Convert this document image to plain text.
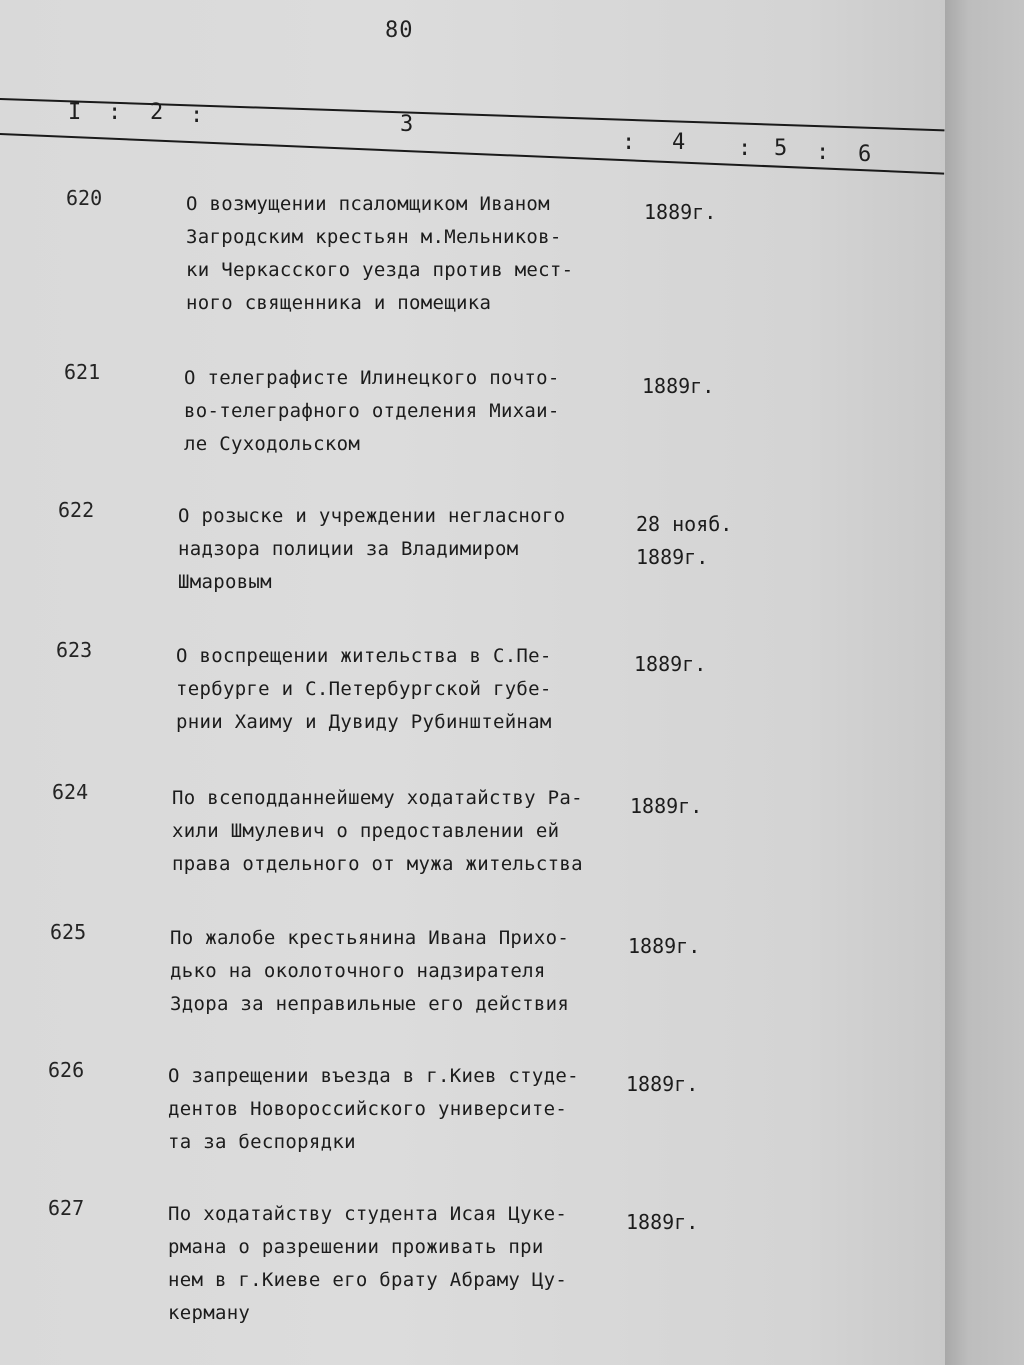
80
I : 2 :	3
: 4 : 5 : 6
620	О возмущении псаломщиком Иваном
Загродским крестьян м.Мельников-
ки Черкасского уезда против мест-
ного священника и помещика
1889г.
621	О телеграфисте Илинецкого почто-
во-телеграфного отделения Михаи-
ле Суходольском
1889г.
622	О розыске и учреждении негласного
надзора полиции за Владимиром
Шмаровым
28 нояб.
1889г.
623	О воспрещении жительства в С.Пе-
тербурге и С.Петербургской губе-
рнии Хаиму и Дувиду Рубинштейнам
1889г.
624	По всеподданнейшему ходатайству Ра-
хили Шмулевич о предоставлении ей
права отдельного от мужа жительства
1889г.
625	По жалобе крестьянина Ивана Прихо-
дько на околоточного надзирателя
Здора за неправильные его действия
1889г.
626	О запрещении въезда в г.Киев студе-
дентов Новороссийского университе-
та за беспорядки
1889г.
627	По ходатайству студента Исая Цуке-
рмана о разрешении проживать при
нем в г.Киеве его брату Абраму Цу-
керману
1889г.
